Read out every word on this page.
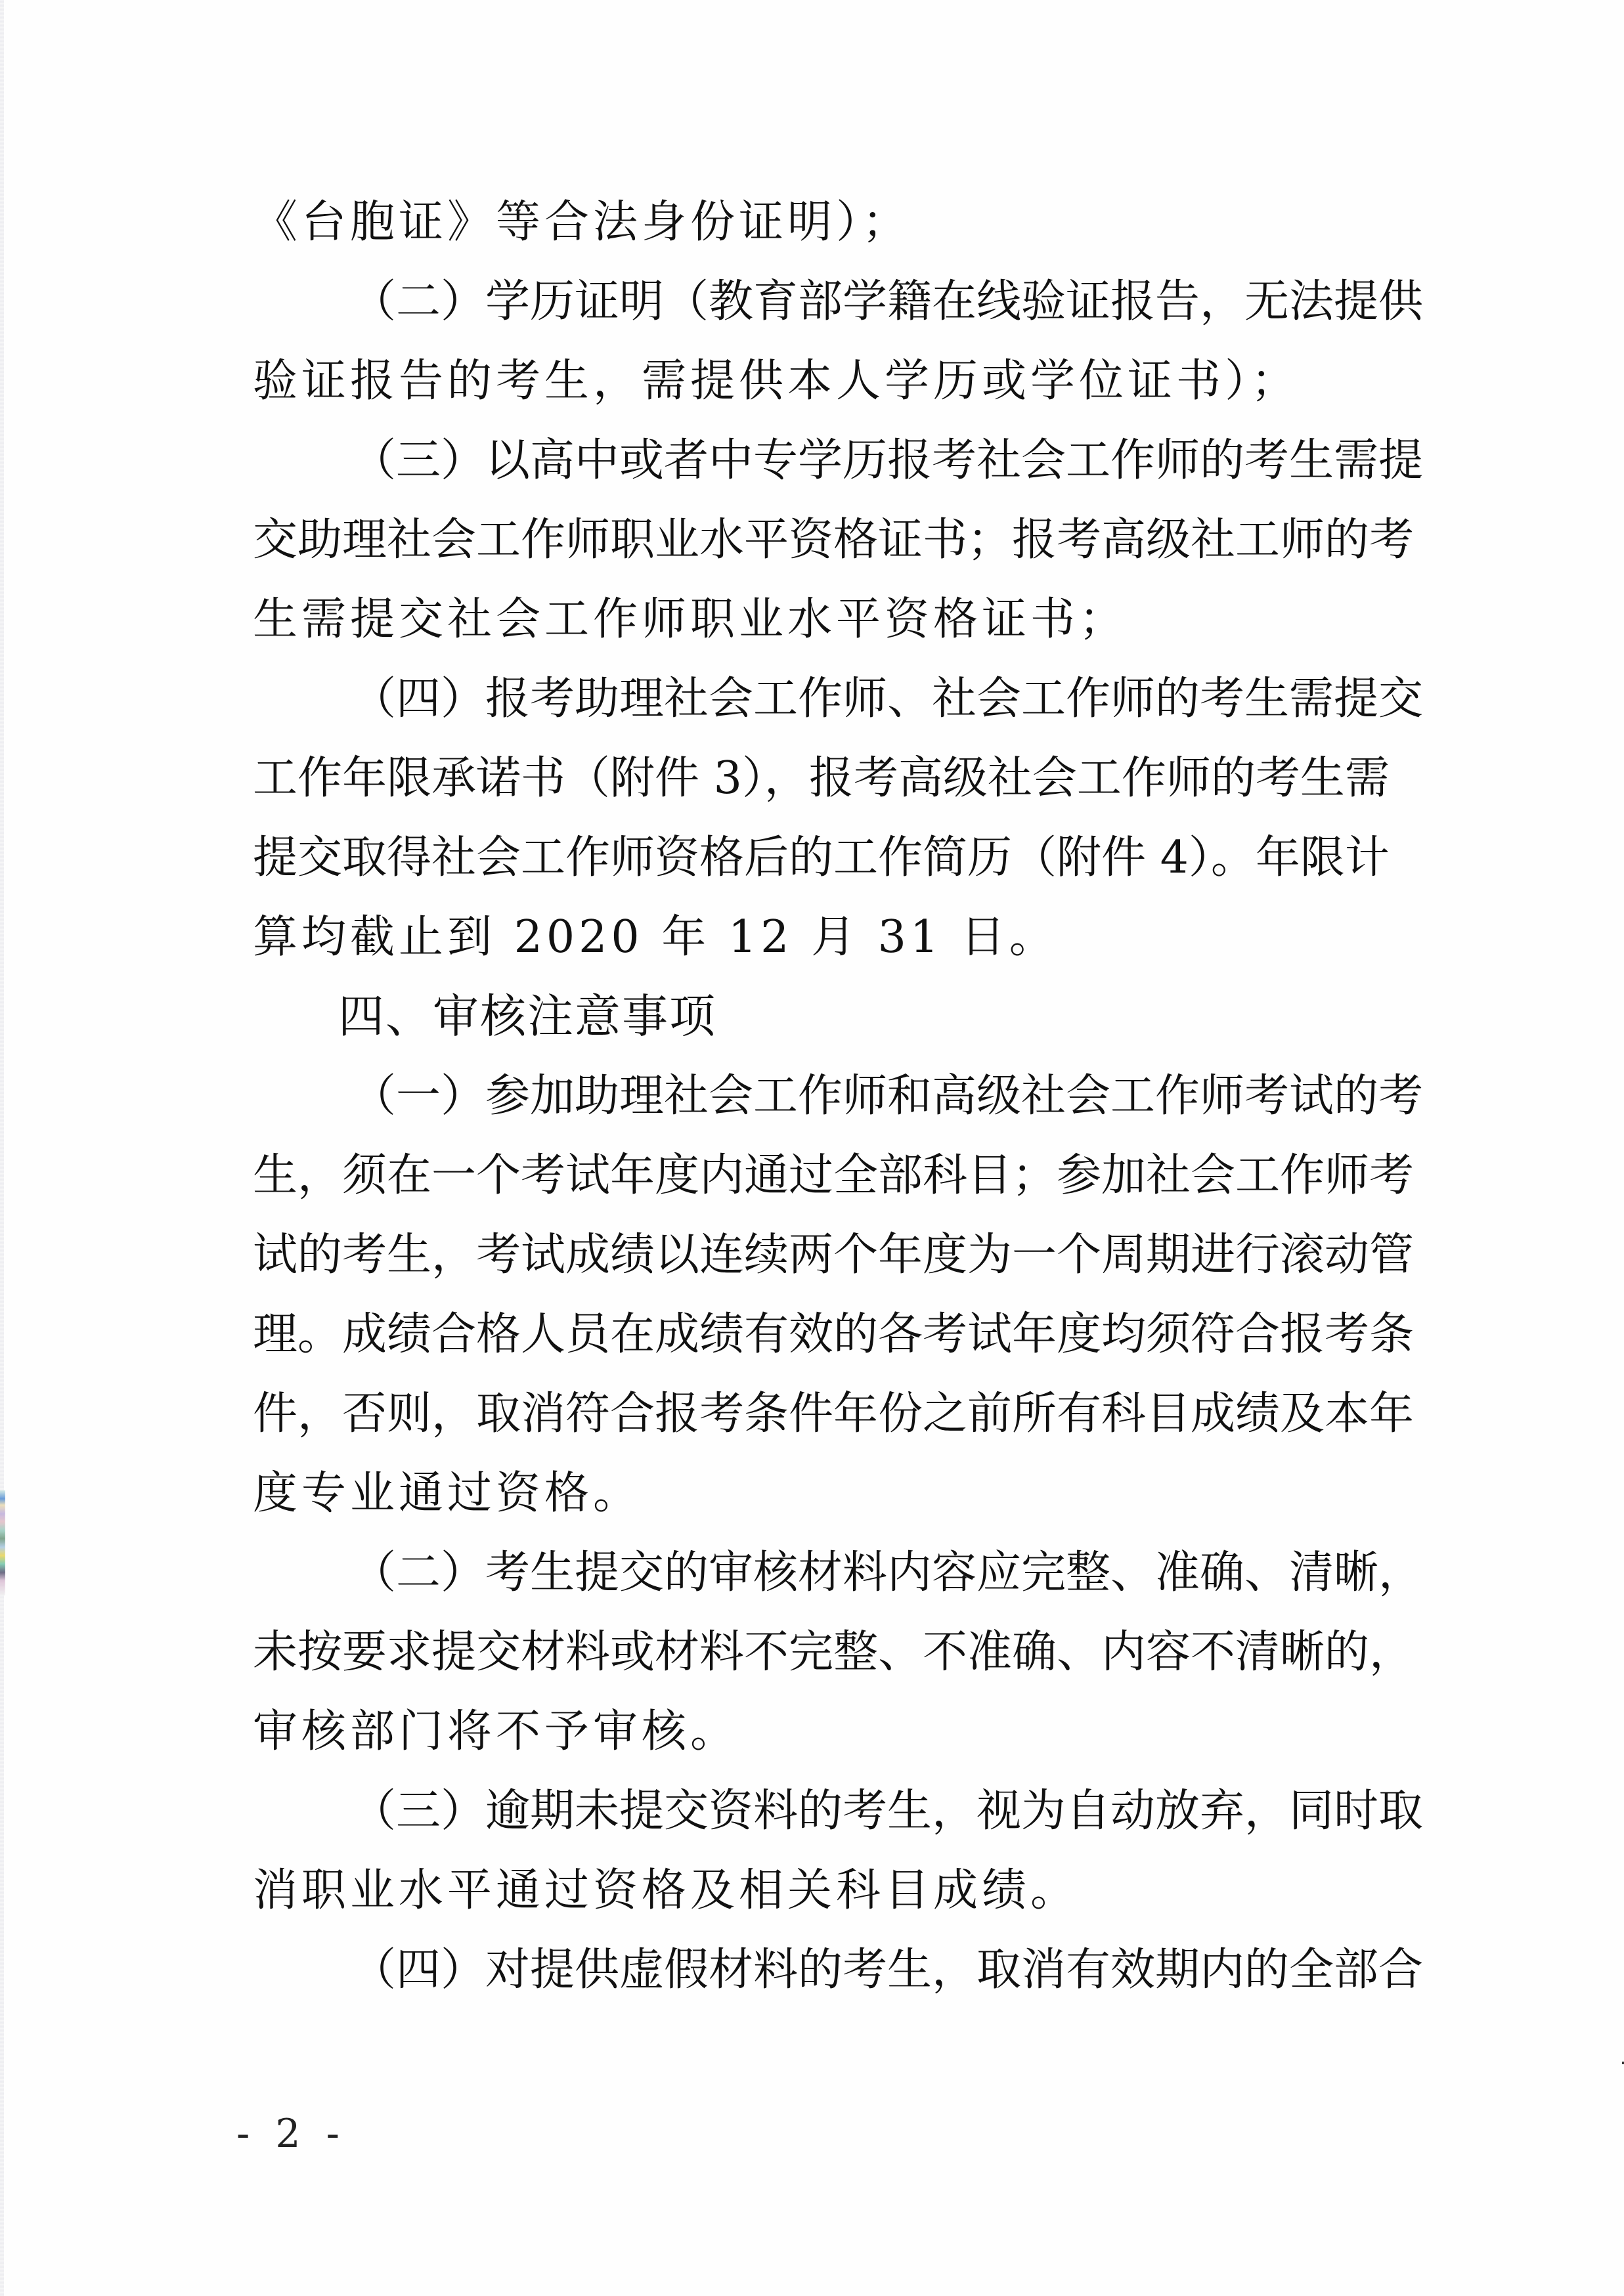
《台胞证》等合法身份证明）；
（二）学历证明（教育部学籍在线验证报告，无法提供
验证报告的考生，需提供本人学历或学位证书）；
（三）以高中或者中专学历报考社会工作师的考生需提
交助理社会工作师职业水平资格证书；报考高级社工师的考
生需提交社会工作师职业水平资格证书；
（四）报考助理社会工作师、社会工作师的考生需提交
工作年限承诺书（附件 3），报考高级社会工作师的考生需
提交取得社会工作师资格后的工作简历（附件 4）。年限计
算均截止到 2020 年 12 月 31 日。
四、审核注意事项
（一）参加助理社会工作师和高级社会工作师考试的考
生，须在一个考试年度内通过全部科目；参加社会工作师考
试的考生，考试成绩以连续两个年度为一个周期进行滚动管
理。成绩合格人员在成绩有效的各考试年度均须符合报考条
件，否则，取消符合报考条件年份之前所有科目成绩及本年
度专业通过资格。
（二）考生提交的审核材料内容应完整、准确、清晰，
未按要求提交材料或材料不完整、不准确、内容不清晰的，
审核部门将不予审核。
（三）逾期未提交资料的考生，视为自动放弃，同时取
消职业水平通过资格及相关科目成绩。
（四）对提供虚假材料的考生，取消有效期内的全部合
- 2 -
